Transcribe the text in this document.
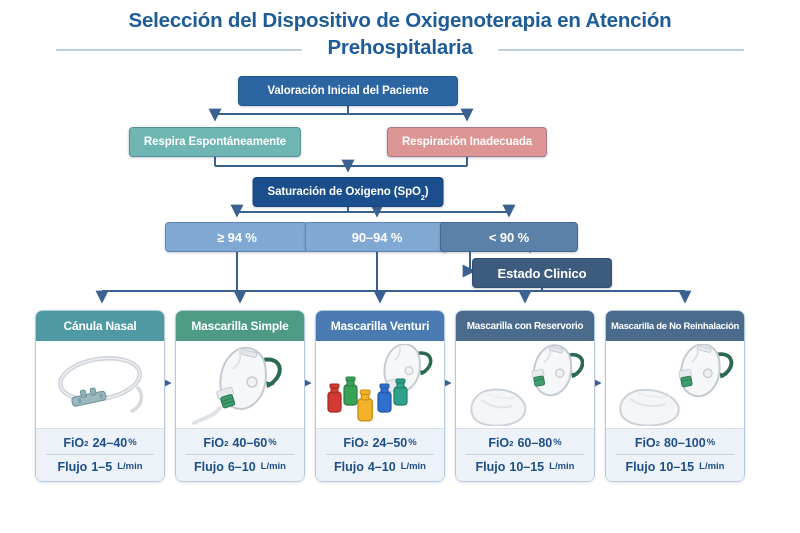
Selección del Dispositivo de Oxigenoterapia en Atención
Prehospitalaria
Valoración Inicial del Paciente
Respira Espontáneamente	Respiración Inadecuada
Saturación de Oxigeno (SpO$_2$)
≥ 94 %	90–94 %	< 90 %
Estado Clinico
Cánula Nasal
FiO$_2$ 24–40 %
Flujo 1–5 L/min
Mascarilla Simple
FiO$_2$ 40–60 %
Flujo 6–10 L/min
Mascarilla Venturi
FiO$_2$ 24–50 %
Flujo 4–10 L/min
Mascarilla con Reservorio
FiO$_2$ 60–80 %
Flujo 10–15 L/min
Mascarilla de No Reinhalación
FiO$_2$ 80–100 %
Flujo 10–15 L/min
